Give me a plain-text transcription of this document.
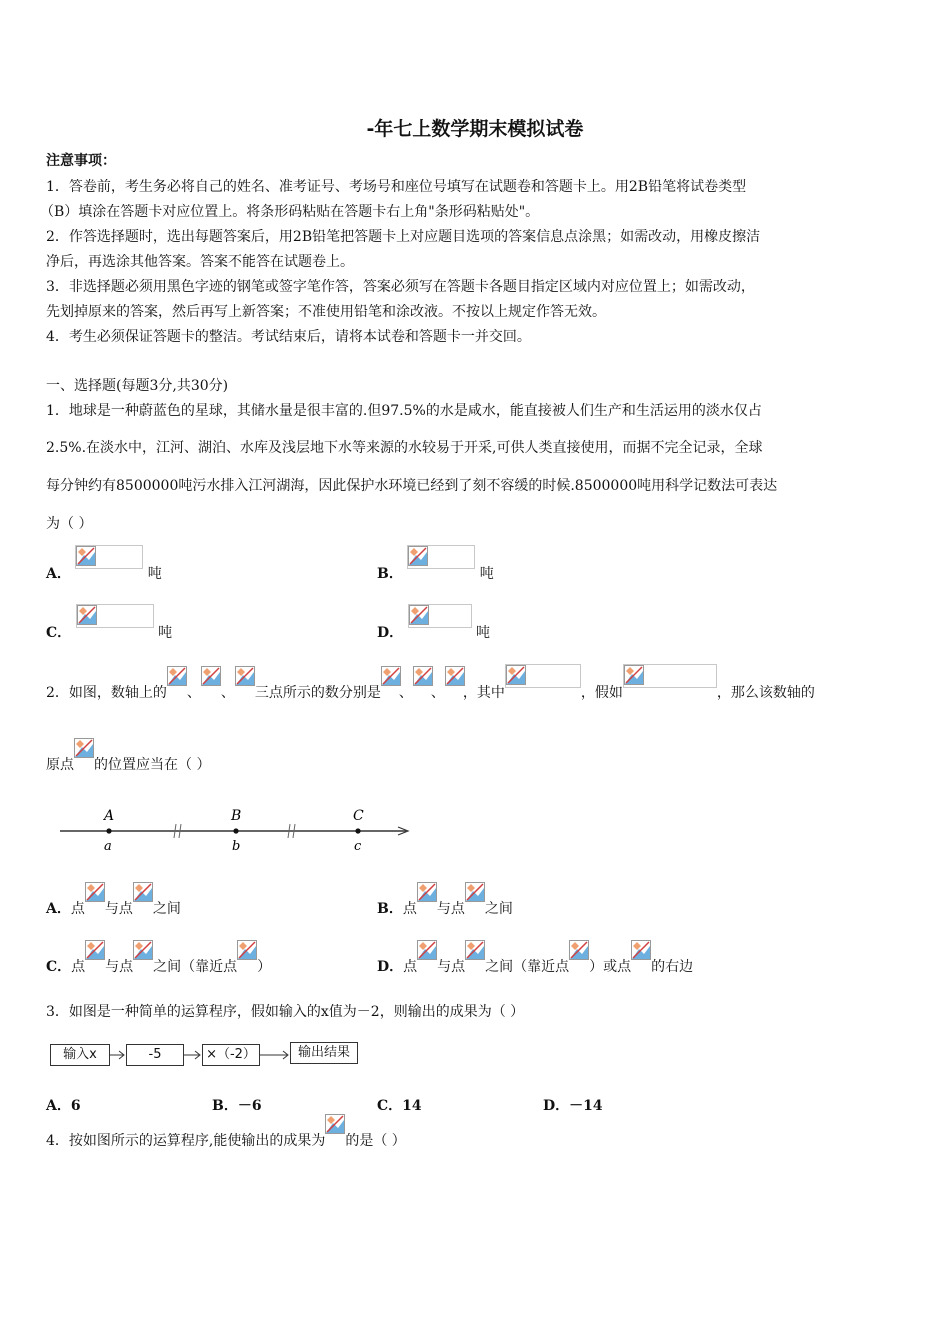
-年七上数学期末模拟试卷
注意事项：
1．答卷前，考生务必将自己的姓名、准考证号、考场号和座位号填写在试题卷和答题卡上。用2B铅笔将试卷类型
（B）填涂在答题卡对应位置上。将条形码粘贴在答题卡右上角"条形码粘贴处"。
2．作答选择题时，选出每题答案后，用2B铅笔把答题卡上对应题目选项的答案信息点涂黑；如需改动，用橡皮擦洁
净后，再选涂其他答案。答案不能答在试题卷上。
3．非选择题必须用黑色字迹的钢笔或签字笔作答，答案必须写在答题卡各题目指定区域内对应位置上；如需改动，
先划掉原来的答案，然后再写上新答案；不准使用铅笔和涂改液。不按以上规定作答无效。
4．考生必须保证答题卡的整洁。考试结束后，请将本试卷和答题卡一并交回。
一、选择题(每题3分,共30分)
1．地球是一种蔚蓝色的星球，其储水量是很丰富的.但97.5%的水是咸水，能直接被人们生产和生活运用的淡水仅占
2.5%.在淡水中，江河、湖泊、水库及浅层地下水等来源的水较易于开采,可供人类直接使用，而据不完全记录，全球
每分钟约有8500000吨污水排入江河湖海，因此保护水环境已经到了刻不容缓的时候.8500000吨用科学记数法可表达
为（ ）
A．	吨	B．	吨
C．	吨	D．	吨
2．如图，数轴上的 、 、 三点所示的数分别是 、 、 ，其中	，假如	，那么该数轴的
原点 的位置应当在（ ）
A	B	C
a	b	c
A．点 与点 之间	B．点 与点 之间
C．点 与点 之间（靠近点 ）	D．点 与点 之间（靠近点 ）或点 的右边
3．如图是一种简单的运算程序，假如输入的x值为－2，则输出的成果为（ ）
输入x	-5	×（-2）	输出结果
A．6	B．－6	C．14	D．－14
4．按如图所示的运算程序,能使输出的成果为 的是（ ）
